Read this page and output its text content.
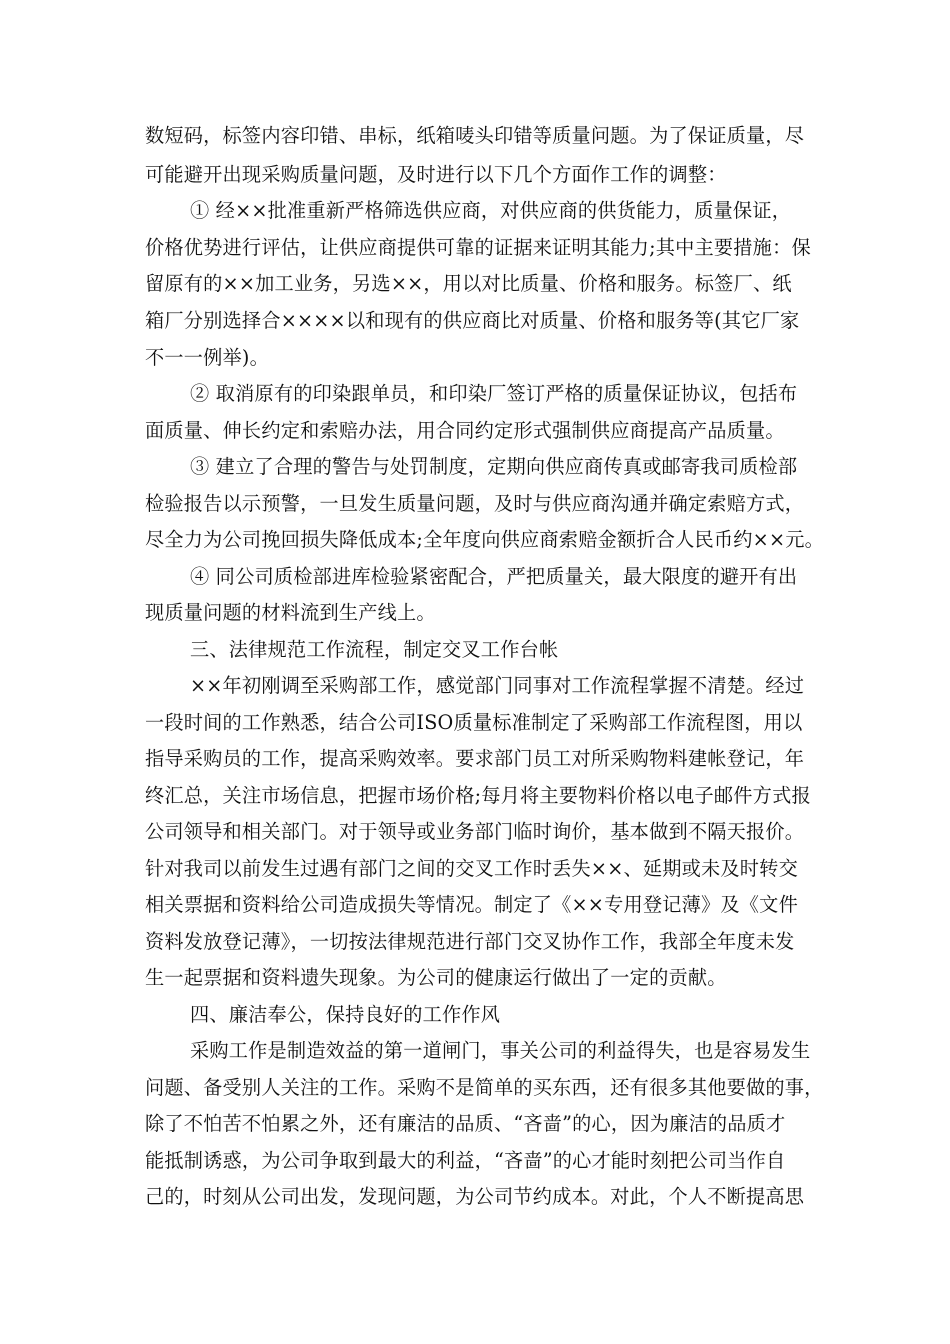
数短码，标签内容印错、串标，纸箱唛头印错等质量问题。为了保证质量，尽
可能避开出现采购质量问题，及时进行以下几个方面作工作的调整：
① 经××批准重新严格筛选供应商，对供应商的供货能力，质量保证，
价格优势进行评估，让供应商提供可靠的证据来证明其能力;其中主要措施：保
留原有的××加工业务，另选××，用以对比质量、价格和服务。标签厂、纸
箱厂分别选择合××××以和现有的供应商比对质量、价格和服务等(其它厂家
不一一例举)。
② 取消原有的印染跟单员，和印染厂签订严格的质量保证协议，包括布
面质量、伸长约定和索赔办法，用合同约定形式强制供应商提高产品质量。
③ 建立了合理的警告与处罚制度，定期向供应商传真或邮寄我司质检部
检验报告以示预警，一旦发生质量问题，及时与供应商沟通并确定索赔方式，
尽全力为公司挽回损失降低成本;全年度向供应商索赔金额折合人民币约××元。
④ 同公司质检部进库检验紧密配合，严把质量关，最大限度的避开有出
现质量问题的材料流到生产线上。
三、法律规范工作流程，制定交叉工作台帐
××年初刚调至采购部工作，感觉部门同事对工作流程掌握不清楚。经过
一段时间的工作熟悉，结合公司ISO质量标准制定了采购部工作流程图，用以
指导采购员的工作，提高采购效率。要求部门员工对所采购物料建帐登记，年
终汇总，关注市场信息，把握市场价格;每月将主要物料价格以电子邮件方式报
公司领导和相关部门。对于领导或业务部门临时询价，基本做到不隔天报价。
针对我司以前发生过遇有部门之间的交叉工作时丢失××、延期或未及时转交
相关票据和资料给公司造成损失等情况。制定了《××专用登记薄》及《文件
资料发放登记薄》，一切按法律规范进行部门交叉协作工作，我部全年度未发
生一起票据和资料遗失现象。为公司的健康运行做出了一定的贡献。
四、廉洁奉公，保持良好的工作作风
采购工作是制造效益的第一道闸门，事关公司的利益得失，也是容易发生
问题、备受别人关注的工作。采购不是简单的买东西，还有很多其他要做的事，
除了不怕苦不怕累之外，还有廉洁的品质、“吝啬”的心，因为廉洁的品质才
能抵制诱惑，为公司争取到最大的利益，“吝啬”的心才能时刻把公司当作自
己的，时刻从公司出发，发现问题，为公司节约成本。对此，个人不断提高思
